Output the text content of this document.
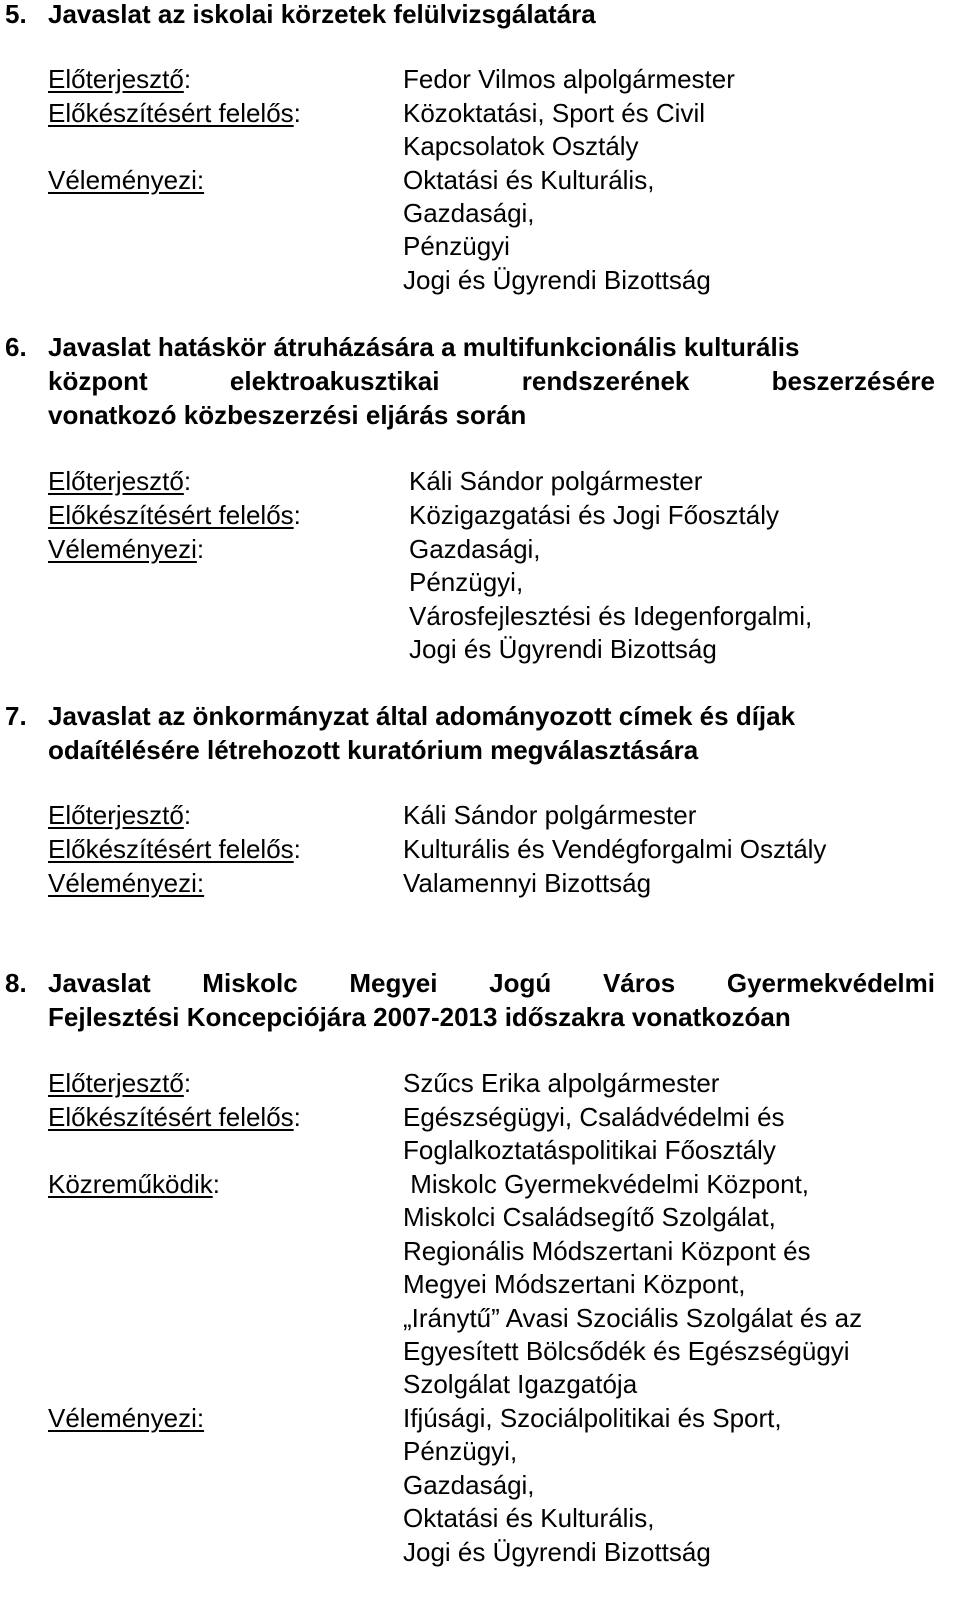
5. Javaslat az iskolai körzetek felülvizsgálatára
Előterjesztő:
Előkészítésért felelős:
Véleményezi:
Fedor Vilmos alpolgármester
Közoktatási, Sport és Civil
Kapcsolatok Osztály
Oktatási és Kulturális,
Gazdasági,
Pénzügyi
Jogi és Ügyrendi Bizottság
6. Javaslat hatáskör átruházására a multifunkcionális kulturális
központ elektroakusztikai rendszerének beszerzésére
vonatkozó közbeszerzési eljárás során
Előterjesztő:
Előkészítésért felelős:
Véleményezi:
Káli Sándor polgármester
Közigazgatási és Jogi Főosztály
Gazdasági,
Pénzügyi,
Városfejlesztési és Idegenforgalmi,
Jogi és Ügyrendi Bizottság
7. Javaslat az önkormányzat által adományozott címek és díjak
odaítélésére létrehozott kuratórium megválasztására
Előterjesztő:
Előkészítésért felelős:
Véleményezi:
Káli Sándor polgármester
Kulturális és Vendégforgalmi Osztály
Valamennyi Bizottság
8. Javaslat Miskolc Megyei Jogú Város Gyermekvédelmi
Fejlesztési Koncepciójára 2007-2013 időszakra vonatkozóan
Előterjesztő:
Előkészítésért felelős:
Közreműködik:
Véleményezi:
Szűcs Erika alpolgármester
Egészségügyi, Családvédelmi és
Foglalkoztatáspolitikai Főosztály
Miskolc Gyermekvédelmi Központ,
Miskolci Családsegítő Szolgálat,
Regionális Módszertani Központ és
Megyei Módszertani Központ,
„Iránytű” Avasi Szociális Szolgálat és az
Egyesített Bölcsődék és Egészségügyi
Szolgálat Igazgatója
Ifjúsági, Szociálpolitikai és Sport,
Pénzügyi,
Gazdasági,
Oktatási és Kulturális,
Jogi és Ügyrendi Bizottság
